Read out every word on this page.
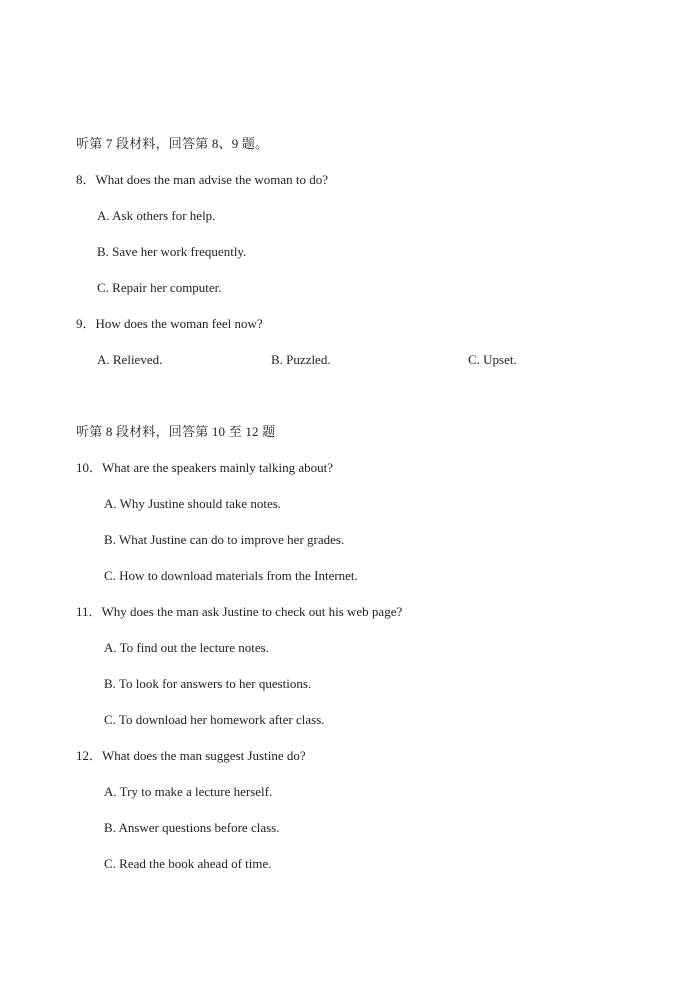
听第 7 段材料，回答第 8、9 题。
8．What does the man advise the woman to do?
A. Ask others for help.
B. Save her work frequently.
C. Repair her computer.
9．How does the woman feel now?
A. Relieved.	B. Puzzled.	C. Upset.
听第 8 段材料，回答第 10 至 12 题
10．What are the speakers mainly talking about?
A. Why Justine should take notes.
B. What Justine can do to improve her grades.
C. How to download materials from the Internet.
11．Why does the man ask Justine to check out his web page?
A. To find out the lecture notes.
B. To look for answers to her questions.
C. To download her homework after class.
12．What does the man suggest Justine do?
A. Try to make a lecture herself.
B. Answer questions before class.
C. Read the book ahead of time.
